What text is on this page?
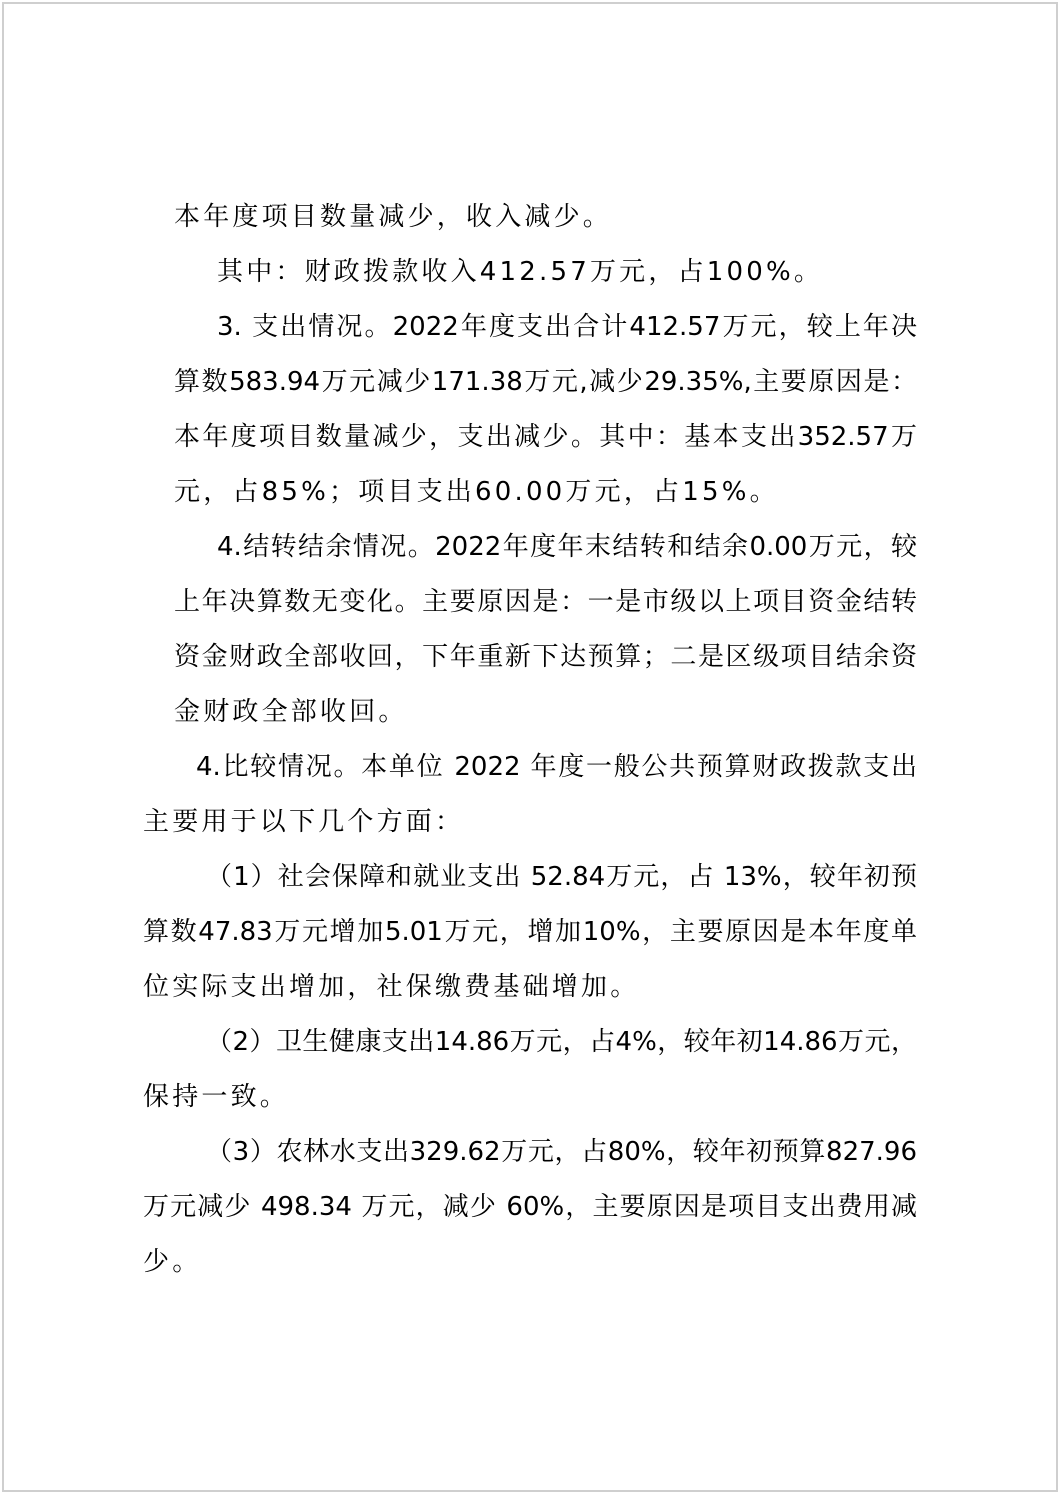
本年度项目数量减少，收入减少。
其中：财政拨款收入412.57万元，占100%。
3. 支出情况。2022年度支出合计412.57万元，较上年决
算数583.94万元减少171.38万元,减少29.35%,主要原因是：
本年度项目数量减少，支出减少。其中：基本支出352.57万
元，占85%；项目支出60.00万元，占15%。
4.结转结余情况。2022年度年末结转和结余0.00万元，较
上年决算数无变化。主要原因是：一是市级以上项目资金结转
资金财政全部收回，下年重新下达预算；二是区级项目结余资
金财政全部收回。
4.比较情况。本单位 2022 年度一般公共预算财政拨款支出
主要用于以下几个方面：
（1）社会保障和就业支出 52.84万元，占 13%，较年初预
算数47.83万元增加5.01万元，增加10%，主要原因是本年度单
位实际支出增加，社保缴费基础增加。
（2）卫生健康支出14.86万元，占4%，较年初14.86万元，
保持一致。
（3）农林水支出329.62万元，占80%，较年初预算827.96
万元减少 498.34 万元，减少 60%，主要原因是项目支出费用减
少。
